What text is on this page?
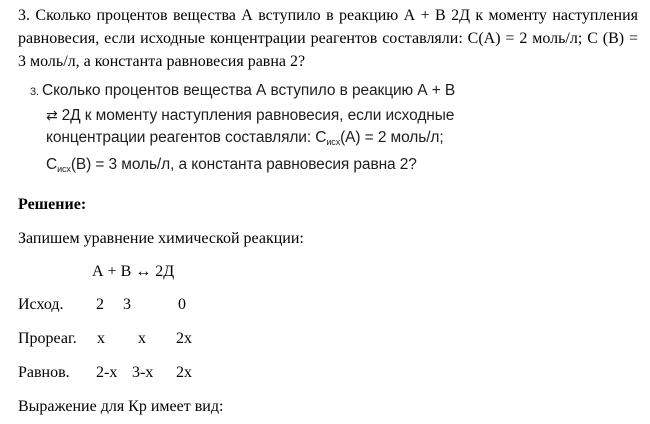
3. Сколько процентов вещества А вступило в реакцию А + В 2Д к моменту наступления равновесия, если исходные концентрации реагентов составляли: С(А) = 2 моль/л; С (В) = 3 моль/л, а константа равновесия равна 2?

3. Сколько процентов вещества А вступило в реакцию А + В
⇄ 2Д к моменту наступления равновесия, если исходные
концентрации реагентов составляли: $С_{исх}(А) = 2$ моль/л;
$С_{исх}(В) = 3$ моль/л, а константа равновесия равна 2?
Решение:
Запишем уравнение химической реакции:
А + В ↔ 2Д
Исход. 2 3	0
Прореаг. х х 2х
Равнов. 2-х 3-х 2х
Выражение для Кр имеет вид:
